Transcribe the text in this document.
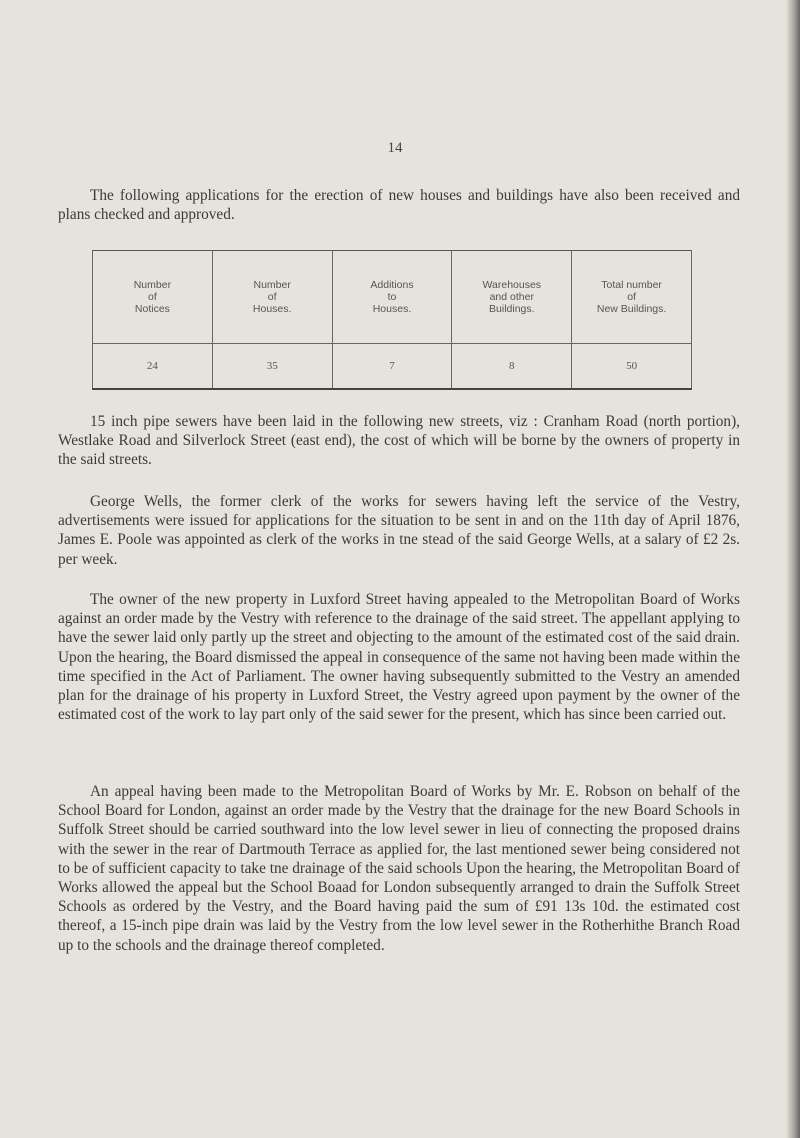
14

The following applications for the erection of new houses and buildings have also been received and plans checked and approved.

Number
of
Notices	Number
of
Houses.	Additions
to
Houses.	Warehouses
and other
Buildings.	Total number
of
New Buildings.
24	35	7	8	50

15 inch pipe sewers have been laid in the following new streets, viz : Cranham Road (north portion), Westlake Road and Silverlock Street (east end), the cost of which will be borne by the owners of property in the said streets.

George Wells, the former clerk of the works for sewers having left the service of the Vestry, advertisements were issued for applications for the situation to be sent in and on the 11th day of April 1876, James E. Poole was appointed as clerk of the works in tne stead of the said George Wells, at a salary of £2 2s. per week.

The owner of the new property in Luxford Street having appealed to the Metropolitan Board of Works against an order made by the Vestry with reference to the drainage of the said street. The appellant applying to have the sewer laid only partly up the street and objecting to the amount of the estimated cost of the said drain. Upon the hearing, the Board dismissed the appeal in consequence of the same not having been made within the time specified in the Act of Parliament. The owner having subsequently submitted to the Vestry an amended plan for the drainage of his property in Luxford Street, the Vestry agreed upon payment by the owner of the estimated cost of the work to lay part only of the said sewer for the present, which has since been carried out.

An appeal having been made to the Metropolitan Board of Works by Mr. E. Robson on behalf of the School Board for London, against an order made by the Vestry that the drainage for the new Board Schools in Suffolk Street should be carried southward into the low level sewer in lieu of connecting the proposed drains with the sewer in the rear of Dartmouth Terrace as applied for, the last mentioned sewer being considered not to be of sufficient capacity to take tne drainage of the said schools Upon the hearing, the Metropolitan Board of Works allowed the appeal but the School Boaad for London subsequently arranged to drain the Suffolk Street Schools as ordered by the Vestry, and the Board having paid the sum of £91 13s 10d. the estimated cost thereof, a 15-inch pipe drain was laid by the Vestry from the low level sewer in the Rotherhithe Branch Road up to the schools and the drainage thereof completed.
